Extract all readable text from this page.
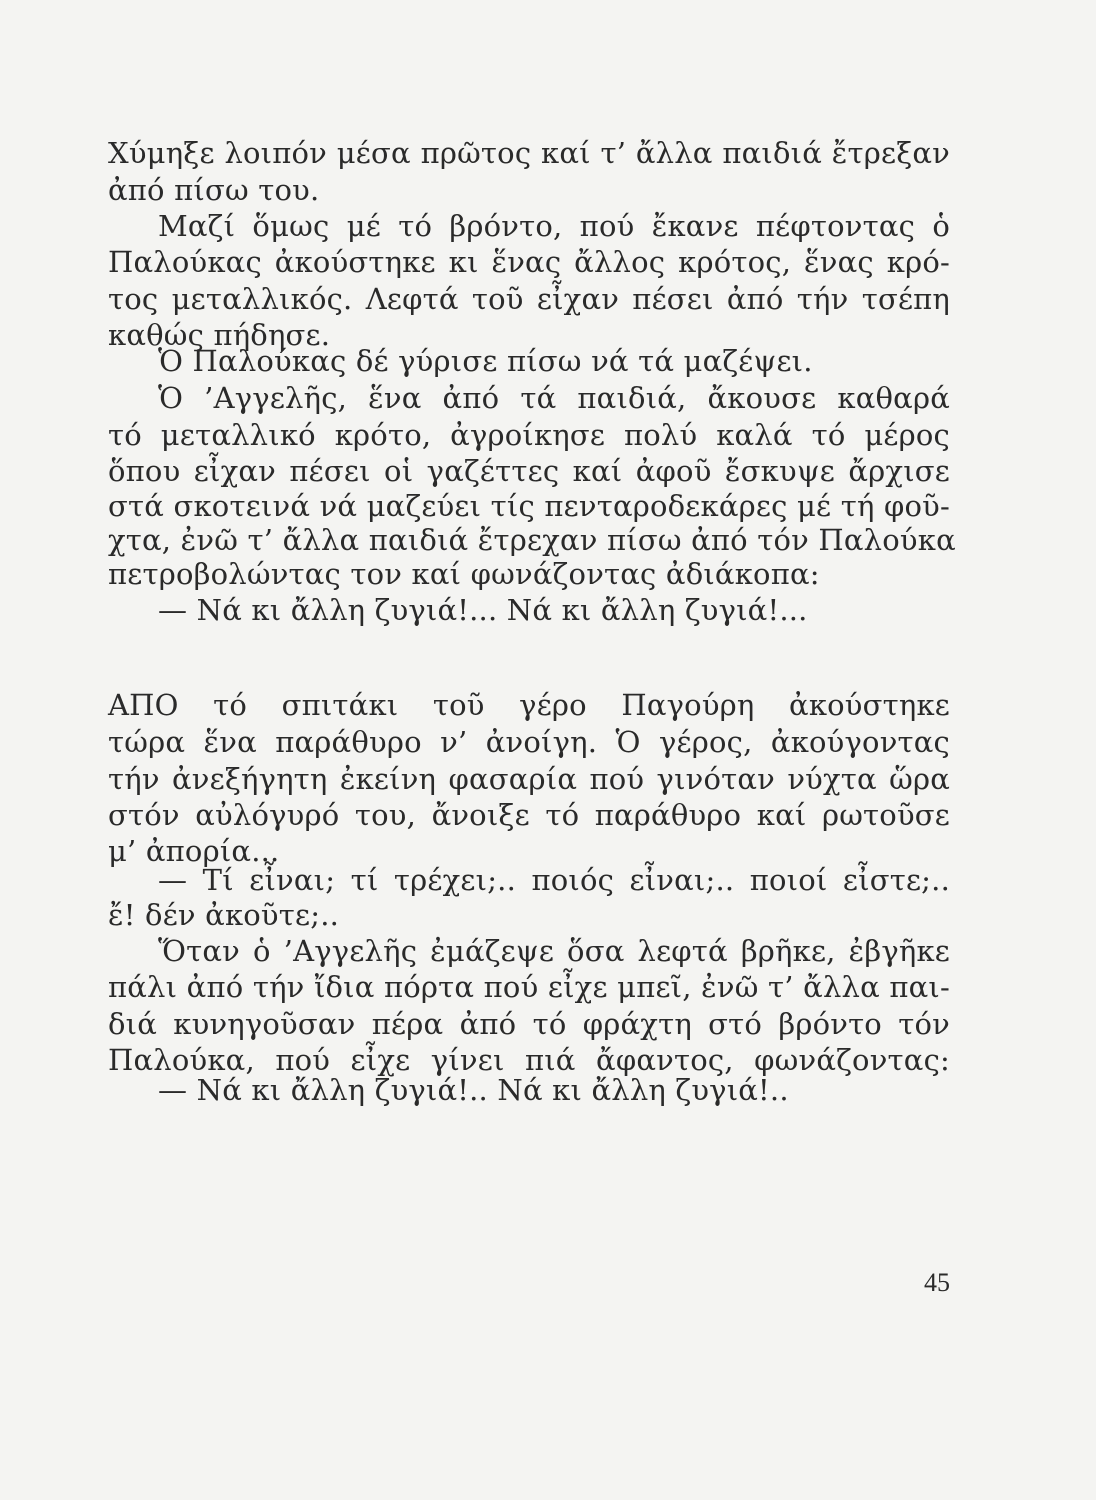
Χύμηξε λοιπόν μέσα πρῶτος καί τ’ ἄλλα παιδιά ἔτρεξαν
ἀπό πίσω του.
Μαζί ὅμως μέ τό βρόντο, πού ἔκανε πέφτοντας ὁ
Παλούκας ἀκούστηκε κι ἕνας ἄλλος κρότος, ἕνας κρό-
τος μεταλλικός. Λεφτά τοῦ εἶχαν πέσει ἀπό τήν τσέπη
καθώς πήδησε.
Ὁ Παλούκας δέ γύρισε πίσω νά τά μαζέψει.
Ὁ ’Αγγελῆς, ἕνα ἀπό τά παιδιά, ἄκουσε καθαρά
τό μεταλλικό κρότο, ἀγροίκησε πολύ καλά τό μέρος
ὅπου εἶχαν πέσει οἱ γαζέττες καί ἀφοῦ ἔσκυψε ἄρχισε
στά σκοτεινά νά μαζεύει τίς πενταροδεκάρες μέ τή φοῦ-
χτα, ἐνῶ τ’ ἄλλα παιδιά ἔτρεχαν πίσω ἀπό τόν Παλούκα
πετροβολώντας τον καί φωνάζοντας ἀδιάκοπα:
— Νά κι ἄλλη ζυγιά!... Νά κι ἄλλη ζυγιά!...
ΑΠΟ τό σπιτάκι τοῦ γέρο Παγούρη ἀκούστηκε
τώρα ἕνα παράθυρο ν’ ἀνοίγη. Ὁ γέρος, ἀκούγοντας
τήν ἀνεξήγητη ἐκείνη φασαρία πού γινόταν νύχτα ὥρα
στόν αὐλόγυρό του, ἄνοιξε τό παράθυρο καί ρωτοῦσε
μ’ ἀπορία...
— Τί εἶναι; τί τρέχει;.. ποιός εἶναι;.. ποιοί εἶστε;..
ἔ! δέν ἀκοῦτε;..
Ὅταν ὁ ’Αγγελῆς ἐμάζεψε ὅσα λεφτά βρῆκε, ἐβγῆκε
πάλι ἀπό τήν ἴδια πόρτα πού εἶχε μπεῖ, ἐνῶ τ’ ἄλλα παι-
διά κυνηγοῦσαν πέρα ἀπό τό φράχτη στό βρόντο τόν
Παλούκα, πού εἶχε γίνει πιά ἄφαντος, φωνάζοντας:
— Νά κι ἄλλη ζυγιά!.. Νά κι ἄλλη ζυγιά!..
45
